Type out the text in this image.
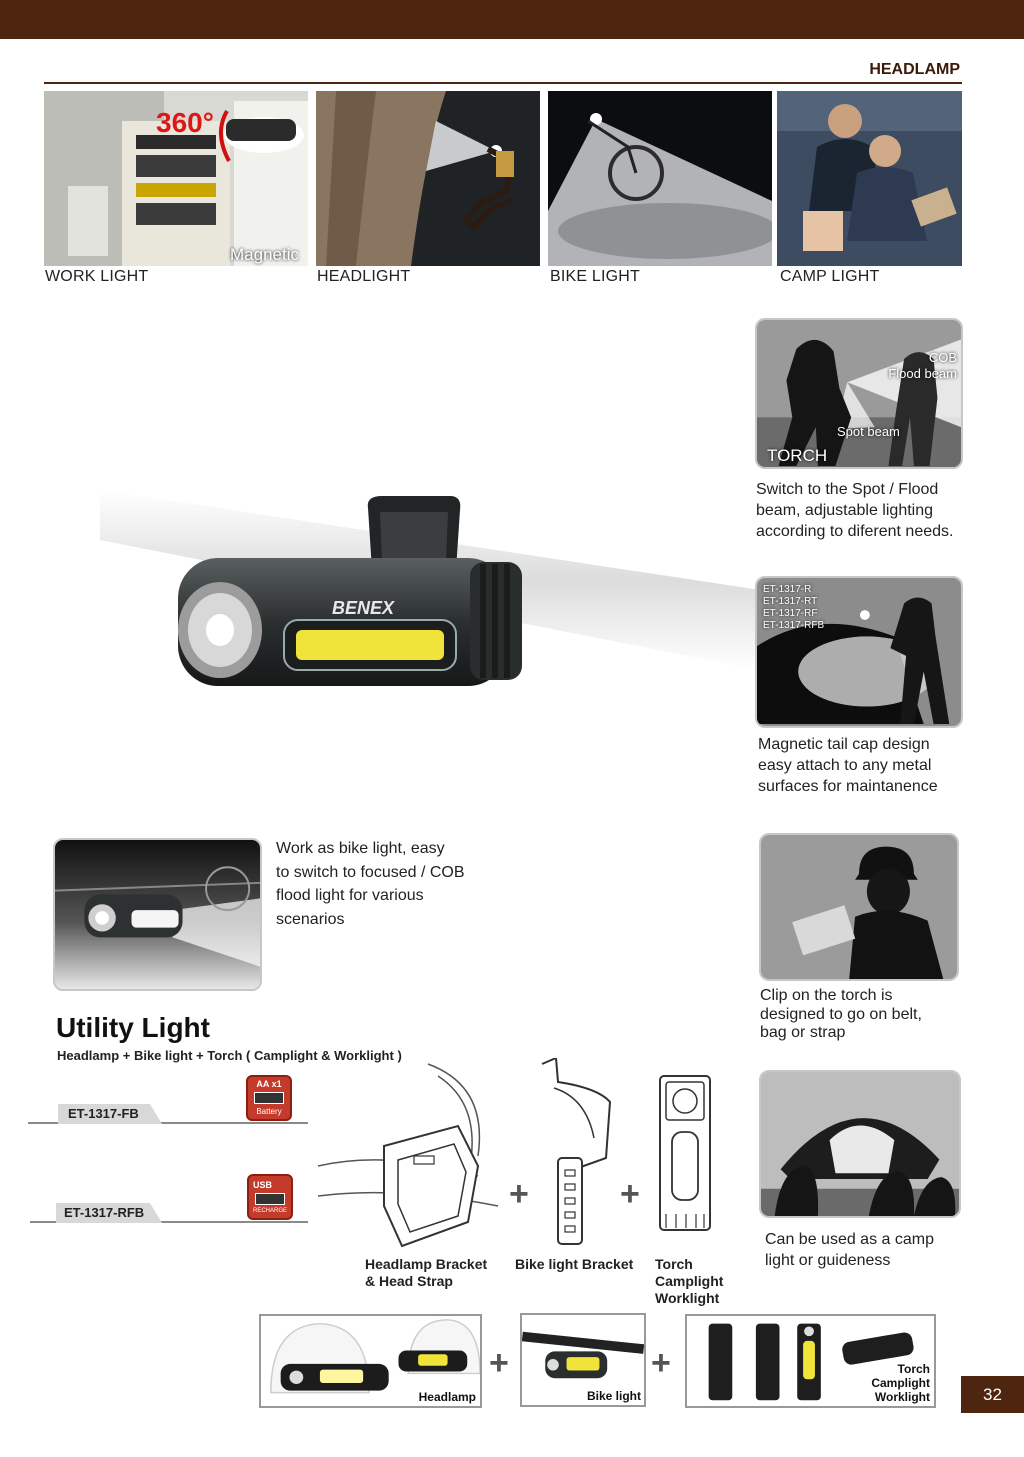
HEADLAMP
360°
Magnetic
WORK LIGHT	HEADLIGHT	BIKE LIGHT	CAMP LIGHT
BENEX

COB

Flood beam

Spot beam
TORCH

Switch to the Spot / Flood

beam, adjustable lighting

according to diferent needs.

ET-1317-R

ET-1317-RT

ET-1317-RF

ET-1317-RFB

Magnetic tail cap design

easy attach to any metal

surfaces for maintanence

Work as bike light, easy

to switch to focused / COB

flood light for various

scenarios

Clip on the torch is

designed to go on belt,

bag or strap

Can be used as a camp

light or guideness

Utility Light
Headlamp + Bike light + Torch ( Camplight & Worklight )
ET-1317-FB
AA x1
Battery
ET-1317-RFB
USB
RECHARGE	+	+

Headlamp Bracket

& Head Strap

Bike light Bracket Torch

Camplight

Worklight

Headlamp

+

Bike light

+	Torch

Camplight

Worklight	32
